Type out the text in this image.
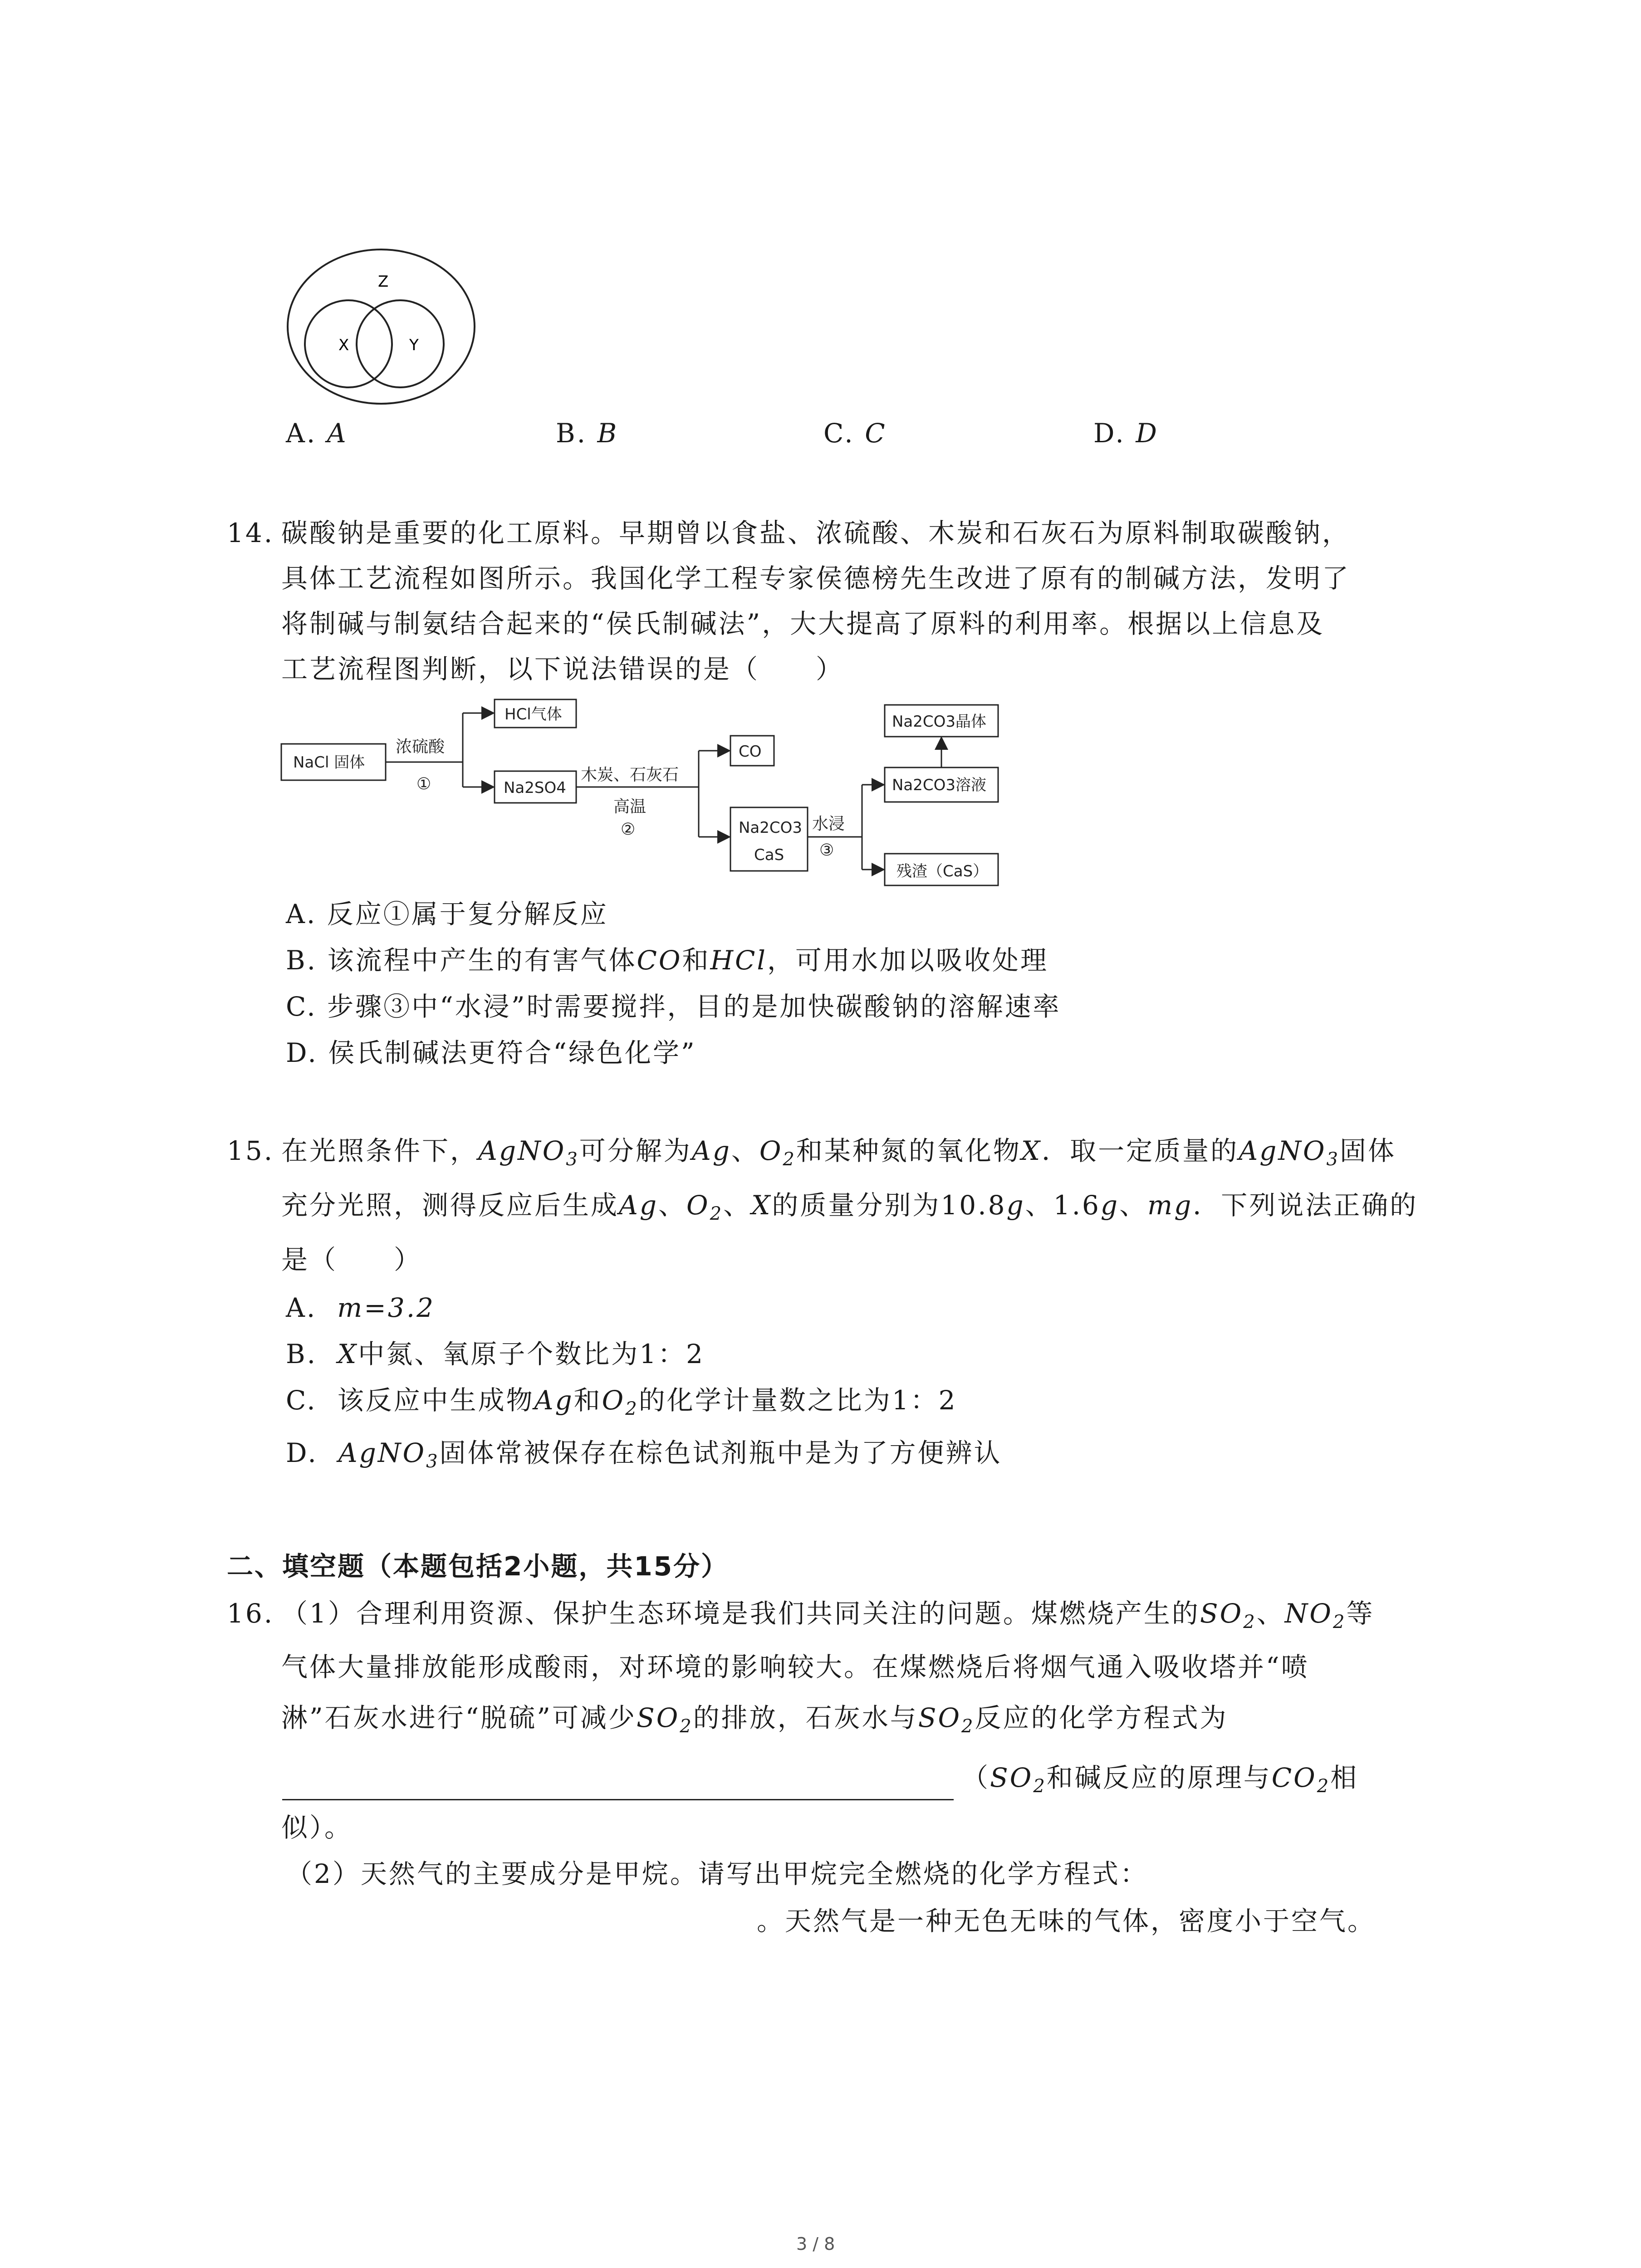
Z
X	Y
A. A	B. B	C. C	D. D
14. 碳酸钠是重要的化工原料。早期曾以食盐、浓硫酸、木炭和石灰石为原料制取碳酸钠，
具体工艺流程如图所示。我国化学工程专家侯德榜先生改进了原有的制碱方法，发明了
将制碱与制氨结合起来的“侯氏制碱法”，大大提高了原料的利用率。根据以上信息及
工艺流程图判断，以下说法错误的是（　　）
NaCl 固体
浓硫酸
①
HCl气体
Na2SO4
木炭、石灰石
高温
②
CO
Na2CO3
CaS
水浸
③
Na2CO3晶体
Na2CO3溶液
残渣（CaS）
A. 反应①属于复分解反应
B. 该流程中产生的有害气体CO和HCl，可用水加以吸收处理
C. 步骤③中“水浸”时需要搅拌，目的是加快碳酸钠的溶解速率
D. 侯氏制碱法更符合“绿色化学”
15. 在光照条件下，AgNO$_3$可分解为Ag、$O_2$和某种氮的氧化物X．取一定质量的AgNO$_3$固体
充分光照，测得反应后生成Ag、$O_2$、X的质量分别为10.8g、1.6g、mg．下列说法正确的
是（　　）
A. m=3.2
B. X中氮、氧原子个数比为1：2
C. 该反应中生成物Ag和$O_2$的化学计量数之比为1：2
D. AgNO$_3$固体常被保存在棕色试剂瓶中是为了方便辨认
二、填空题（本题包括2小题，共15分）
16. （1）合理利用资源、保护生态环境是我们共同关注的问题。煤燃烧产生的$SO_2$、$NO_2$等
气体大量排放能形成酸雨，对环境的影响较大。在煤燃烧后将烟气通入吸收塔并“喷
淋”石灰水进行“脱硫”可减少$SO_2$的排放，石灰水与$SO_2$反应的化学方程式为
（$SO_2$和碱反应的原理与$CO_2$相
似）。
（2）天然气的主要成分是甲烷。请写出甲烷完全燃烧的化学方程式：
。天然气是一种无色无味的气体，密度小于空气。
3 / 8
